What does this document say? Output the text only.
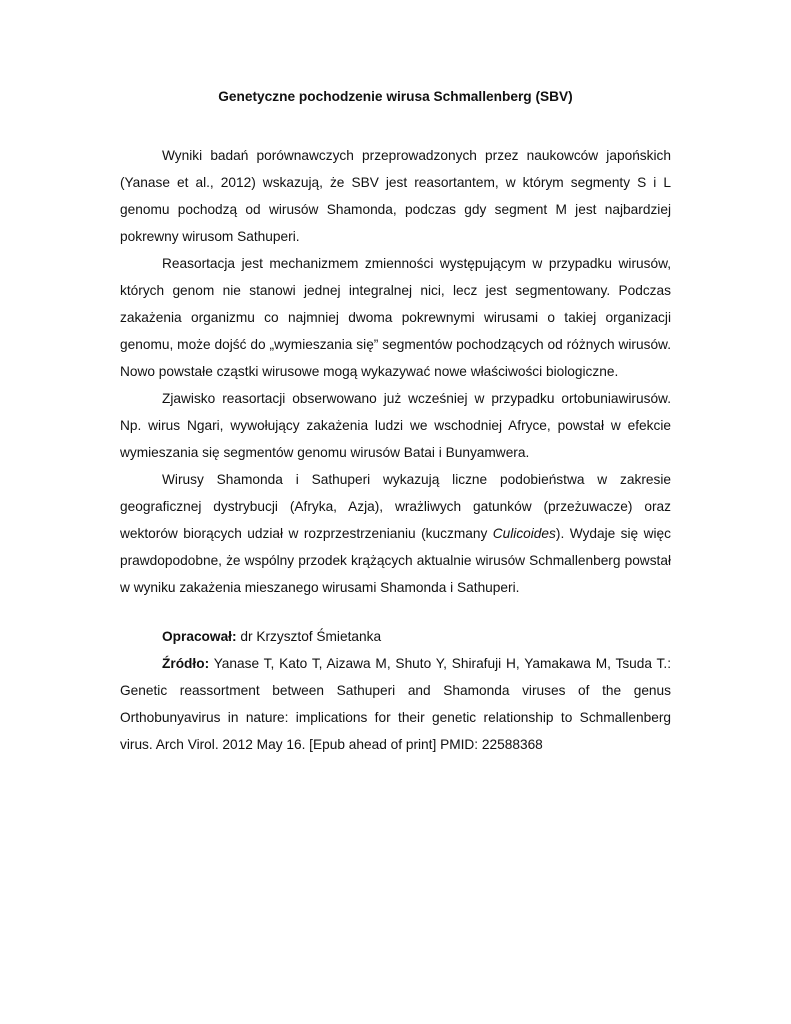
Genetyczne pochodzenie wirusa Schmallenberg (SBV)

Wyniki badań porównawczych przeprowadzonych przez naukowców japońskich (Yanase et al., 2012) wskazują, że SBV jest reasortantem, w którym segmenty S i L genomu pochodzą od wirusów Shamonda, podczas gdy segment M jest najbardziej pokrewny wirusom Sathuperi.

Reasortacja jest mechanizmem zmienności występującym w przypadku wirusów, których genom nie stanowi jednej integralnej nici, lecz jest segmentowany. Podczas zakażenia organizmu co najmniej dwoma pokrewnymi wirusami o takiej organizacji genomu, może dojść do „wymieszania się” segmentów pochodzących od różnych wirusów. Nowo powstałe cząstki wirusowe mogą wykazywać nowe właściwości biologiczne.

Zjawisko reasortacji obserwowano już wcześniej w przypadku ortobuniawirusów. Np. wirus Ngari, wywołujący zakażenia ludzi we wschodniej Afryce, powstał w efekcie wymieszania się segmentów genomu wirusów Batai i Bunyamwera.

Wirusy Shamonda i Sathuperi wykazują liczne podobieństwa w zakresie geograficznej dystrybucji (Afryka, Azja), wrażliwych gatunków (przeżuwacze) oraz wektorów biorących udział w rozprzestrzenianiu (kuczmany Culicoides). Wydaje się więc prawdopodobne, że wspólny przodek krążących aktualnie wirusów Schmallenberg powstał w wyniku zakażenia mieszanego wirusami Shamonda i Sathuperi.

Opracował: dr Krzysztof Śmietanka

Źródło: Yanase T, Kato T, Aizawa M, Shuto Y, Shirafuji H, Yamakawa M, Tsuda T.: Genetic reassortment between Sathuperi and Shamonda viruses of the genus Orthobunyavirus in nature: implications for their genetic relationship to Schmallenberg virus. Arch Virol. 2012 May 16. [Epub ahead of print] PMID: 22588368
